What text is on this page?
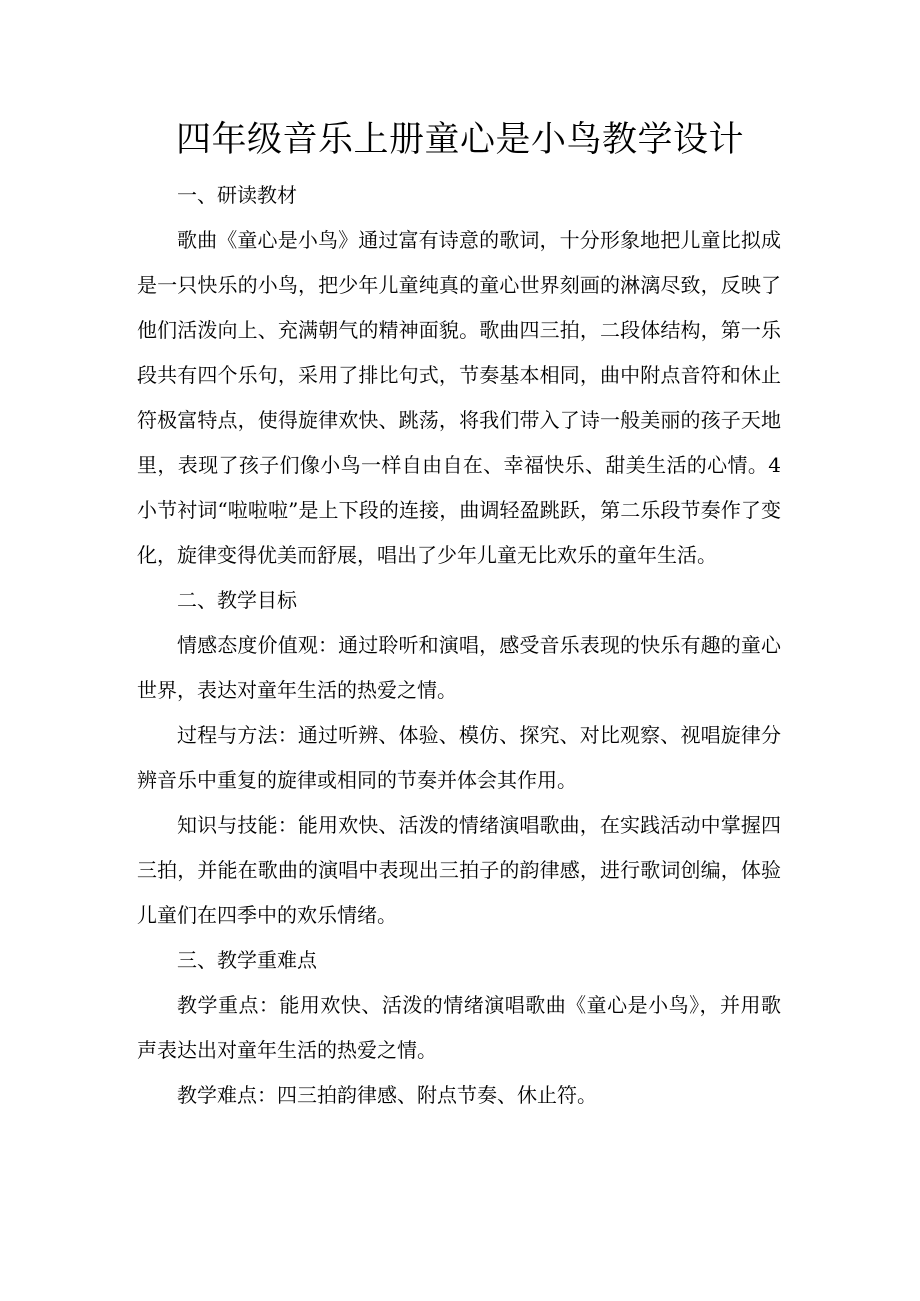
四年级音乐上册童心是小鸟教学设计

一、研读教材

歌曲《童心是小鸟》通过富有诗意的歌词，十分形象地把儿童比拟成是一只快乐的小鸟，把少年儿童纯真的童心世界刻画的淋漓尽致，反映了他们活泼向上、充满朝气的精神面貌。歌曲四三拍，二段体结构，第一乐段共有四个乐句，采用了排比句式，节奏基本相同，曲中附点音符和休止符极富特点，使得旋律欢快、跳荡，将我们带入了诗一般美丽的孩子天地里，表现了孩子们像小鸟一样自由自在、幸福快乐、甜美生活的心情。4小节衬词“啦啦啦”是上下段的连接，曲调轻盈跳跃，第二乐段节奏作了变化，旋律变得优美而舒展，唱出了少年儿童无比欢乐的童年生活。

二、教学目标

情感态度价值观：通过聆听和演唱，感受音乐表现的快乐有趣的童心世界，表达对童年生活的热爱之情。

过程与方法：通过听辨、体验、模仿、探究、对比观察、视唱旋律分辨音乐中重复的旋律或相同的节奏并体会其作用。

知识与技能：能用欢快、活泼的情绪演唱歌曲，在实践活动中掌握四三拍，并能在歌曲的演唱中表现出三拍子的韵律感，进行歌词创编，体验儿童们在四季中的欢乐情绪。

三、教学重难点

教学重点：能用欢快、活泼的情绪演唱歌曲《童心是小鸟》，并用歌声表达出对童年生活的热爱之情。

教学难点：四三拍韵律感、附点节奏、休止符。
